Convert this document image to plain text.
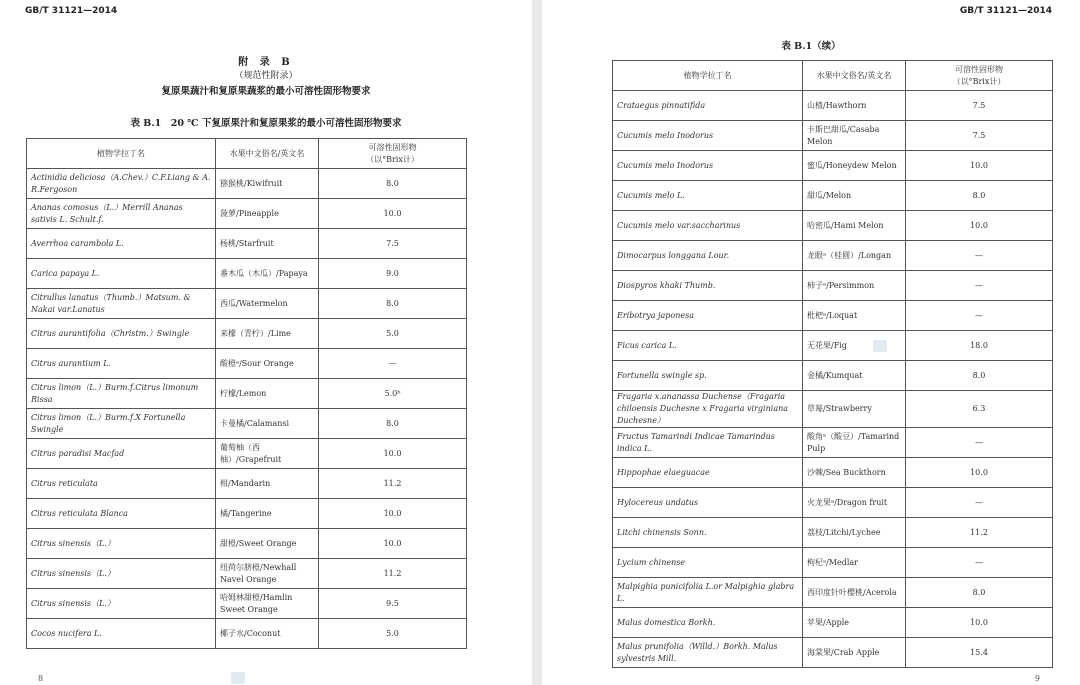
GB/T 31121—2014
附 录 B
（规范性附录）
复原果蔬汁和复原果蔬浆的最小可溶性固形物要求
表 B.1　20 ℃ 下复原果汁和复原果浆的最小可溶性固形物要求
植物学拉丁名	水果中文俗名/英文名	可溶性固形物
（以°Brix计）

Actinidia deliciosa（A.Chev.）C.F.Liang & A. R.Fergoson	猕猴桃/Kiwifruit	8.0
Ananas comosus（L.）Merrill Ananas sativis L. Schult.f.	菠萝/Pineapple	10.0
Averrhoa carambola L.	杨桃/Starfruit	7.5
Carica papaya L.	番木瓜（木瓜）/Papaya	9.0
Citrullus lanatus（Thumb.）Matsum. & Nakai var.Lanatus	西瓜/Watermelon	8.0
Citrus aurantifolia（Christm.）Swingle	来檬（青柠）/Lime	5.0
Citrus aurantium L.	酸橙ᵃ/Sour Orange	—
Citrus limon（L.）Burm.f.Citrus limonum Rissa	柠檬/Lemon	5.0ᵇ
Citrus limon（L.）Burm.f.X Fortunella Swingle	卡曼橘/Calamansi	8.0
Citrus paradisi Macfad	葡萄柚（西柚）/Grapefruit	10.0
Citrus reticulata	柑/Mandarin	11.2
Citrus reticulata Blanca	橘/Tangerine	10.0
Citrus sinensis（L.）	甜橙/Sweet Orange	10.0
Citrus sinensis（L.）	纽荷尔脐橙/Newhall Navel Orange	11.2
Citrus sinensis（L.）	哈姆林甜橙/Hamlin Sweet Orange	9.5
Cocos nucifera L.	椰子水/Coconut	5.0
8
GB/T 31121—2014
表 B.1（续）
植物学拉丁名	水果中文俗名/英文名	可溶性固形物
（以°Brix计）

Crataegus pinnatifida	山楂/Hawthorn	7.5
Cucumis melo Inodorus	卡斯巴甜瓜/Casaba Melon	7.5
Cucumis melo Inodorus	蜜瓜/Honeydew Melon	10.0
Cucumis melo L.	甜瓜/Melon	8.0
Cucumis melo var.saccharinus	哈密瓜/Hami Melon	10.0
Dimocarpus longgana Lour.	龙眼ᵃ（桂圆）/Longan	—
Diospyros khaki Thumb.	柿子ᵃ/Persimmon	—
Eribotrya japonesa	枇杷ᵃ/Loquat	—
Ficus carica L.	无花果/Fig	18.0
Fortunella swingle sp.	金橘/Kumquat	8.0
Fragaria x.ananassa Duchense（Fragaria chiloensis Duchesne x Fragaria virginiana Duchesne）	草莓/Strawberry	6.3
Fructus Tamarindi Indicae Tamarindus indica L.	酸角ᵃ（酸豆）/Tamarind Pulp	—
Hippophae elaeguacae	沙棘/Sea Buckthorn	10.0
Hylocereus undatus	火龙果ᵃ/Dragon fruit	—
Litchi chinensis Sonn.	荔枝/Litchi/Lychee	11.2
Lycium chinense	枸杞ᵃ/Medlar	—
Malpighia punicifolia L.or Malpighia glabra L.	西印度针叶樱桃/Acerola	8.0
Malus domestica Borkh.	苹果/Apple	10.0
Malus prunifolia（Willd.）Borkh. Malus sylvestris Mill.	海棠果/Crab Apple	15.4
9
